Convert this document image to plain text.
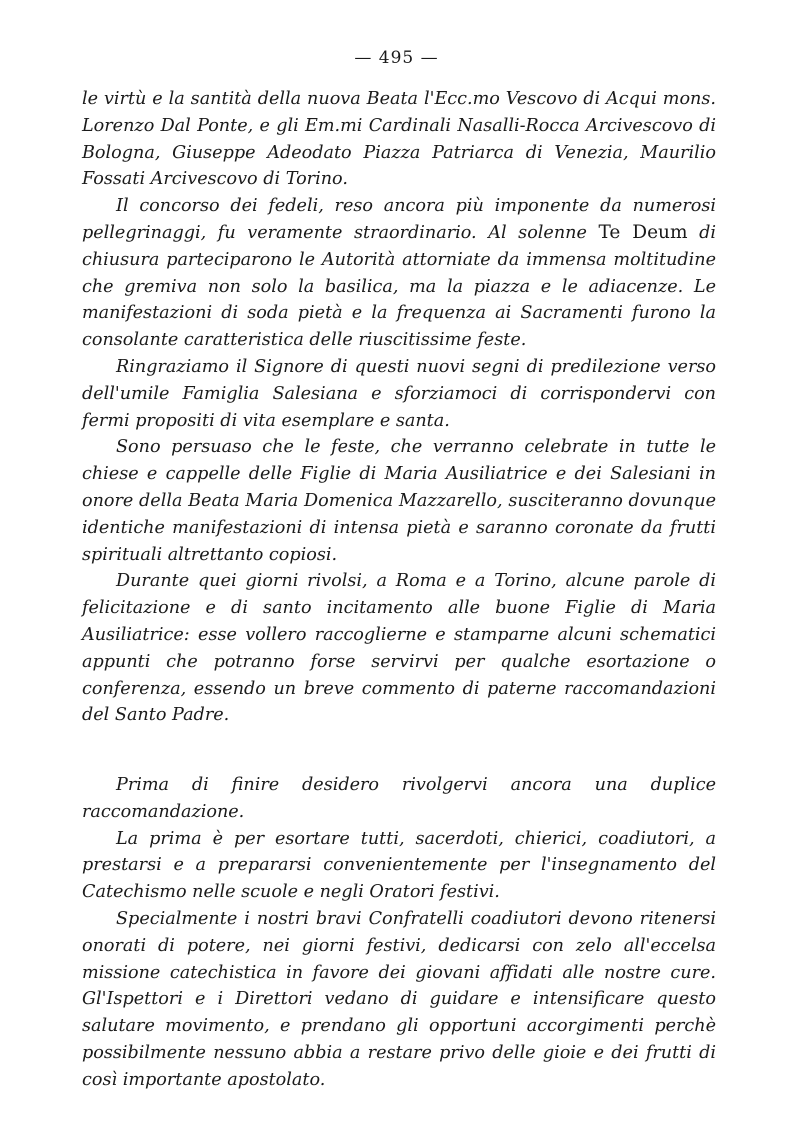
— 495 —

le virtù e la santità della nuova Beata l'Ecc.mo Vescovo di Acqui mons. Lorenzo Dal Ponte, e gli Em.mi Cardinali Nasalli-Rocca Arcivescovo di Bologna, Giuseppe Adeodato Piazza Patriarca di Venezia, Maurilio Fossati Arcivescovo di Torino.

Il concorso dei fedeli, reso ancora più imponente da numerosi pellegrinaggi, fu veramente straordinario. Al solenne Te Deum di chiusura parteciparono le Autorità attorniate da immensa moltitudine che gremiva non solo la basilica, ma la piazza e le adiacenze. Le manifestazioni di soda pietà e la frequenza ai Sacramenti furono la consolante caratteristica delle riuscitissime feste.

Ringraziamo il Signore di questi nuovi segni di predilezione verso dell'umile Famiglia Salesiana e sforziamoci di corrispondervi con fermi propositi di vita esemplare e santa.

Sono persuaso che le feste, che verranno celebrate in tutte le chiese e cappelle delle Figlie di Maria Ausiliatrice e dei Salesiani in onore della Beata Maria Domenica Mazzarello, susciteranno dovunque identiche manifestazioni di intensa pietà e saranno coronate da frutti spirituali altrettanto copiosi.

Durante quei giorni rivolsi, a Roma e a Torino, alcune parole di felicitazione e di santo incitamento alle buone Figlie di Maria Ausiliatrice: esse vollero raccoglierne e stamparne alcuni schematici appunti che potranno forse servirvi per qualche esortazione o conferenza, essendo un breve commento di paterne raccomandazioni del Santo Padre.

Prima di finire desidero rivolgervi ancora una duplice raccomandazione.

La prima è per esortare tutti, sacerdoti, chierici, coadiutori, a prestarsi e a prepararsi convenientemente per l'insegnamento del Catechismo nelle scuole e negli Oratori festivi.

Specialmente i nostri bravi Confratelli coadiutori devono ritenersi onorati di potere, nei giorni festivi, dedicarsi con zelo all'eccelsa missione catechistica in favore dei giovani affidati alle nostre cure. Gl'Ispettori e i Direttori vedano di guidare e intensificare questo salutare movimento, e prendano gli opportuni accorgimenti perchè possibilmente nessuno abbia a restare privo delle gioie e dei frutti di così importante apostolato.
